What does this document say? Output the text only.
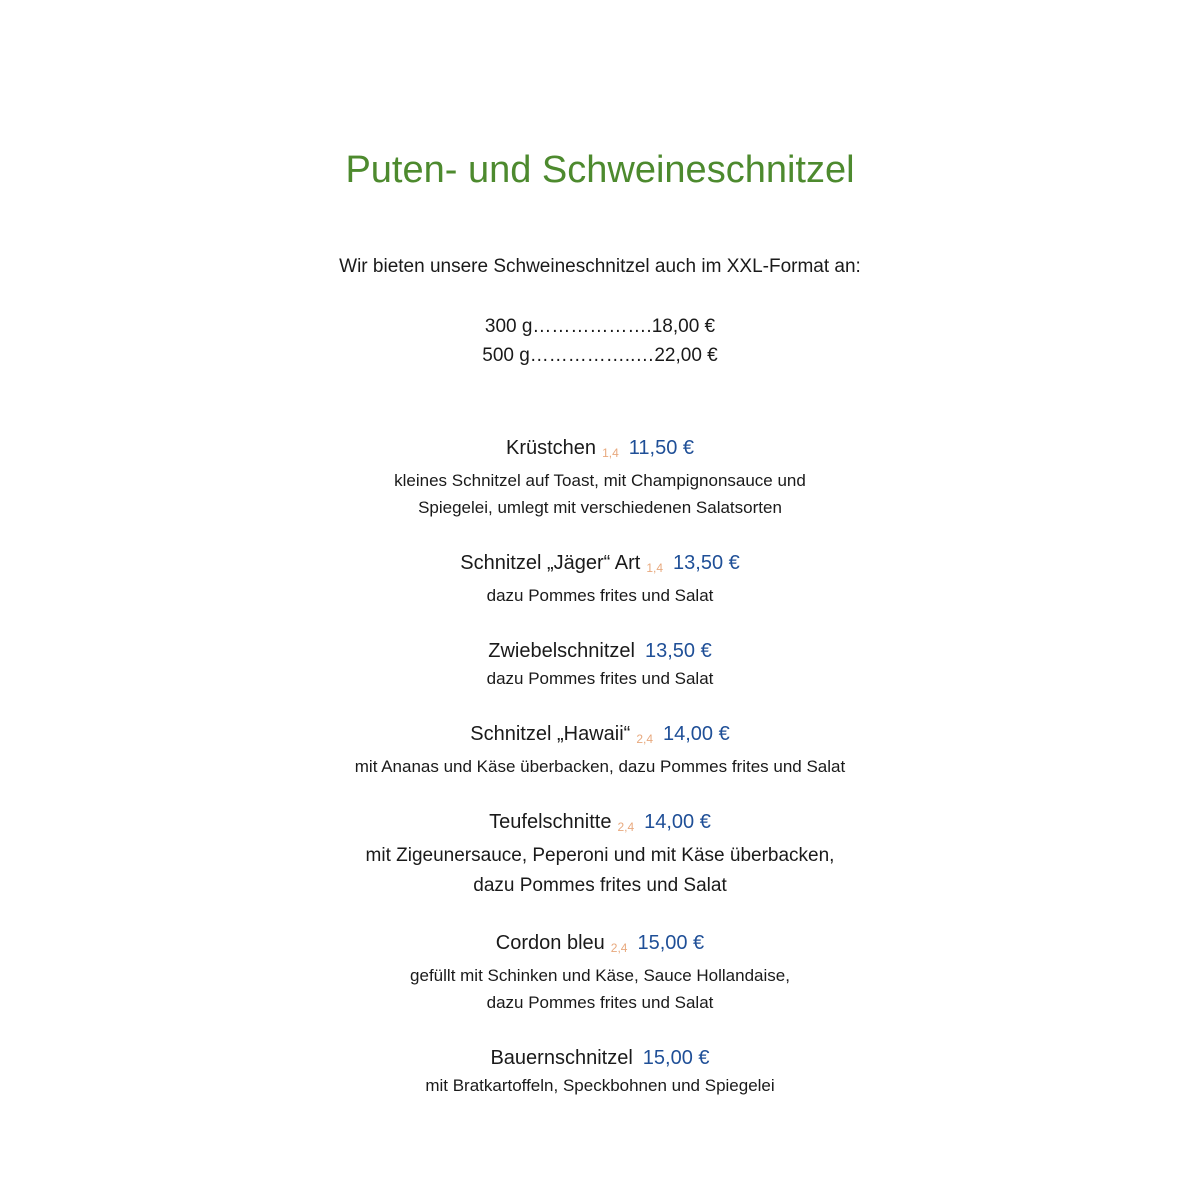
Puten- und Schweineschnitzel
Wir bieten unsere Schweineschnitzel auch im XXL-Format an:
300 g……………….18,00 €
500 g……………..…22,00 €
Krüstchen 1,4 11,50 €
kleines Schnitzel auf Toast, mit Champignonsauce und
Spiegelei, umlegt mit verschiedenen Salatsorten
Schnitzel „Jäger“ Art 1,4 13,50 €
dazu Pommes frites und Salat
Zwiebelschnitzel 13,50 €
dazu Pommes frites und Salat
Schnitzel „Hawaii“ 2,4 14,00 €
mit Ananas und Käse überbacken, dazu Pommes frites und Salat
Teufelschnitte 2,4 14,00 €
mit Zigeunersauce, Peperoni und mit Käse überbacken,
dazu Pommes frites und Salat
Cordon bleu 2,4 15,00 €
gefüllt mit Schinken und Käse, Sauce Hollandaise,
dazu Pommes frites und Salat
Bauernschnitzel 15,00 €
mit Bratkartoffeln, Speckbohnen und Spiegelei
